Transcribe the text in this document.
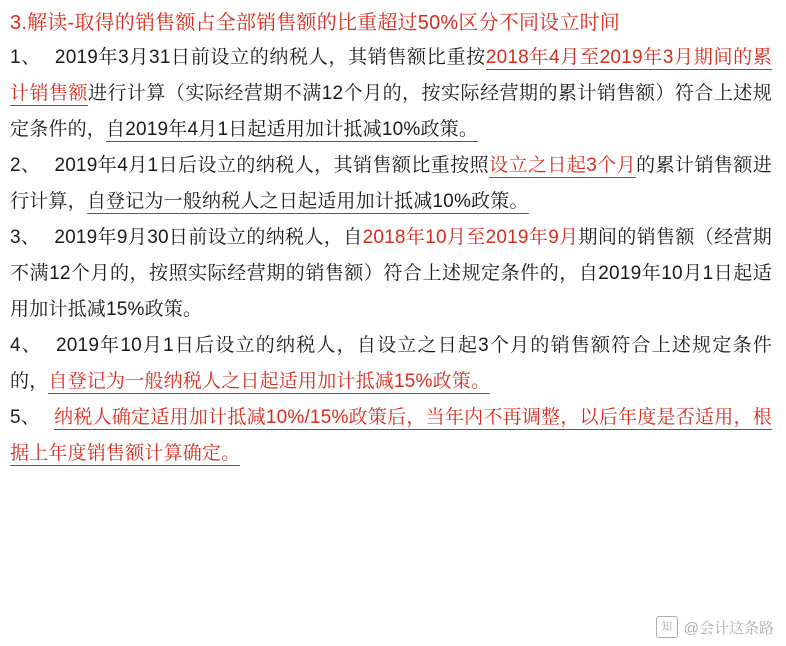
3.解读-取得的销售额占全部销售额的比重超过50%区分不同设立时间

1、 2019年3月31日前设立的纳税人，其销售额比重按2018年4月至2019年3月期间的累计销售额进行计算（实际经营期不满12个月的，按实际经营期的累计销售额）符合上述规定条件的，自2019年4月1日起适用加计抵减10%政策。

2、 2019年4月1日后设立的纳税人，其销售额比重按照设立之日起3个月的累计销售额进行计算，自登记为一般纳税人之日起适用加计抵减10%政策。

3、 2019年9月30日前设立的纳税人，自2018年10月至2019年9月期间的销售额（经营期不满12个月的，按照实际经营期的销售额）符合上述规定条件的，自2019年10月1日起适用加计抵减15%政策。

4、 2019年10月1日后设立的纳税人，自设立之日起3个月的销售额符合上述规定条件的，自登记为一般纳税人之日起适用加计抵减15%政策。

5、 纳税人确定适用加计抵减10%/15%政策后，当年内不再调整，以后年度是否适用，根据上年度销售额计算确定。

知 @会计这条路
